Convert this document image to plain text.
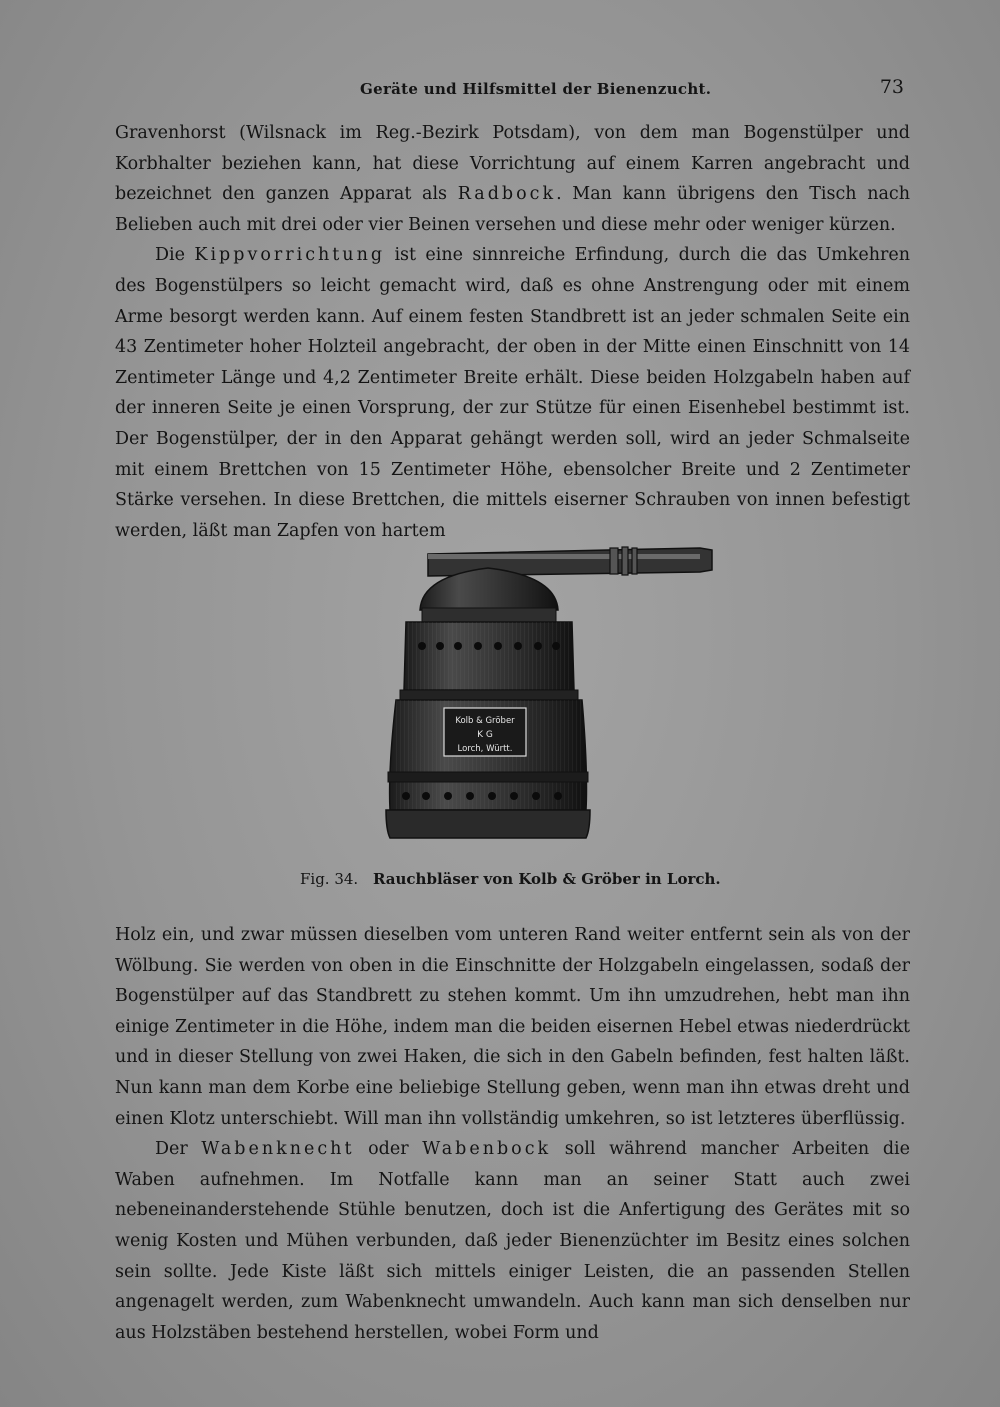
Geräte und Hilfsmittel der Bienenzucht.	73

Gravenhorst (Wilsnack im Reg.-Bezirk Potsdam), von dem man Bogenstülper und Korbhalter beziehen kann, hat diese Vorrichtung auf einem Karren angebracht und bezeichnet den ganzen Apparat als Radbock. Man kann übrigens den Tisch nach Belieben auch mit drei oder vier Beinen versehen und diese mehr oder weniger kürzen.

Die Kippvorrichtung ist eine sinnreiche Erfindung, durch die das Umkehren des Bogenstülpers so leicht gemacht wird, daß es ohne Anstrengung oder mit einem Arme besorgt werden kann. Auf einem festen Standbrett ist an jeder schmalen Seite ein 43 Zentimeter hoher Holzteil angebracht, der oben in der Mitte einen Einschnitt von 14 Zentimeter Länge und 4,2 Zentimeter Breite erhält. Diese beiden Holzgabeln haben auf der inneren Seite je einen Vorsprung, der zur Stütze für einen Eisenhebel bestimmt ist. Der Bogenstülper, der in den Apparat gehängt werden soll, wird an jeder Schmalseite mit einem Brettchen von 15 Zentimeter Höhe, ebensolcher Breite und 2 Zentimeter Stärke versehen. In diese Brettchen, die mittels eiserner Schrauben von innen befestigt werden, läßt man Zapfen von hartem

Kolb & Gröber
K G
Lorch, Württ.
Fig. 34. Rauchbläser von Kolb & Gröber in Lorch.

Holz ein, und zwar müssen dieselben vom unteren Rand weiter entfernt sein als von der Wölbung. Sie werden von oben in die Einschnitte der Holzgabeln eingelassen, sodaß der Bogenstülper auf das Standbrett zu stehen kommt. Um ihn umzudrehen, hebt man ihn einige Zentimeter in die Höhe, indem man die beiden eisernen Hebel etwas niederdrückt und in dieser Stellung von zwei Haken, die sich in den Gabeln befinden, fest halten läßt. Nun kann man dem Korbe eine beliebige Stellung geben, wenn man ihn etwas dreht und einen Klotz unterschiebt. Will man ihn vollständig umkehren, so ist letzteres überflüssig.

Der Wabenknecht oder Wabenbock soll während mancher Arbeiten die Waben aufnehmen. Im Notfalle kann man an seiner Statt auch zwei nebeneinanderstehende Stühle benutzen, doch ist die Anfertigung des Gerätes mit so wenig Kosten und Mühen verbunden, daß jeder Bienenzüchter im Besitz eines solchen sein sollte. Jede Kiste läßt sich mittels einiger Leisten, die an passenden Stellen angenagelt werden, zum Wabenknecht umwandeln. Auch kann man sich denselben nur aus Holzstäben bestehend herstellen, wobei Form und
